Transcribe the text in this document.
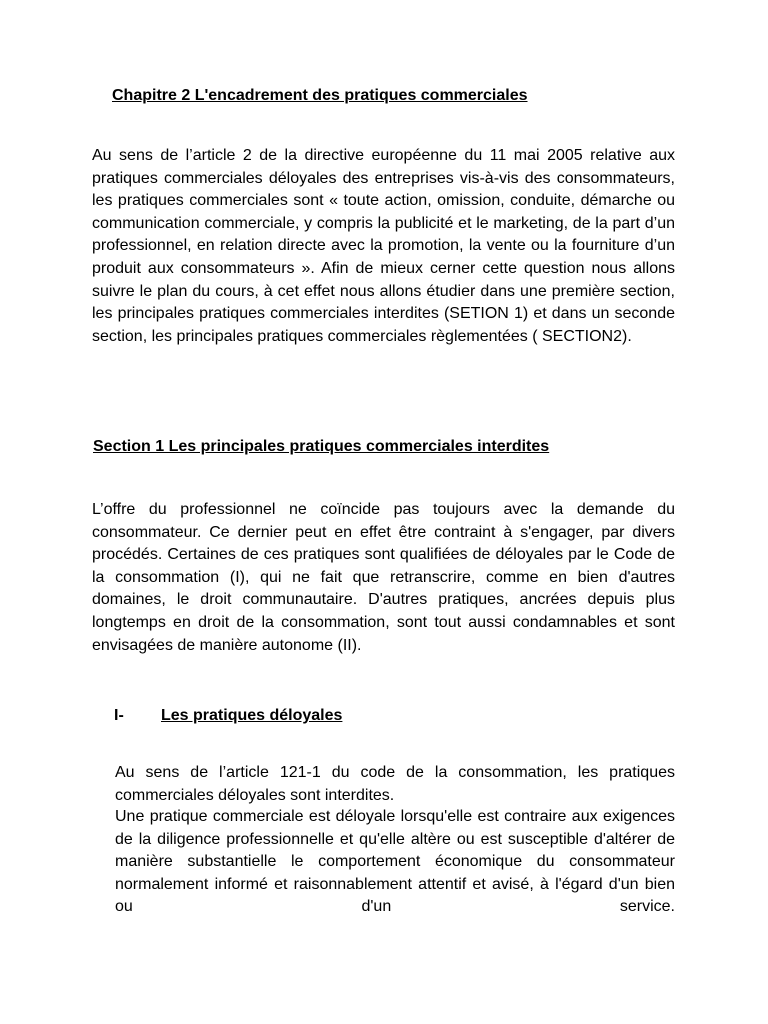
Chapitre 2 L'encadrement des pratiques commerciales

Au sens de l’article 2 de la directive européenne du 11 mai 2005 relative aux pratiques commerciales déloyales des entreprises vis-à-vis des consommateurs, les pratiques commerciales sont « toute action, omission, conduite, démarche ou communication commerciale, y compris la publicité et le marketing, de la part d’un professionnel, en relation directe avec la promotion, la vente ou la fourniture d’un produit aux consommateurs ». Afin de mieux cerner cette question nous allons suivre le plan du cours, à cet effet nous allons étudier dans une première section, les principales pratiques commerciales interdites (SETION 1) et dans un seconde section, les principales pratiques commerciales règlementées ( SECTION2).

Section 1 Les principales pratiques commerciales interdites

L’offre du professionnel ne coïncide pas toujours avec la demande du consommateur. Ce dernier peut en effet être contraint à s'engager, par divers procédés. Certaines de ces pratiques sont qualifiées de déloyales par le Code de la consommation (I), qui ne fait que retranscrire, comme en bien d'autres domaines, le droit communautaire. D'autres pratiques, ancrées depuis plus longtemps en droit de la consommation, sont tout aussi condamnables et sont envisagées de manière autonome (II).

I- Les pratiques déloyales

Au sens de l’article 121-1 du code de la consommation, les pratiques commerciales déloyales sont interdites.

Une pratique commerciale est déloyale lorsqu'elle est contraire aux exigences de la diligence professionnelle et qu'elle altère ou est susceptible d'altérer de manière substantielle le comportement économique du consommateur normalement informé et raisonnablement attentif et avisé, à l'égard d'un bien ou d'un service.
